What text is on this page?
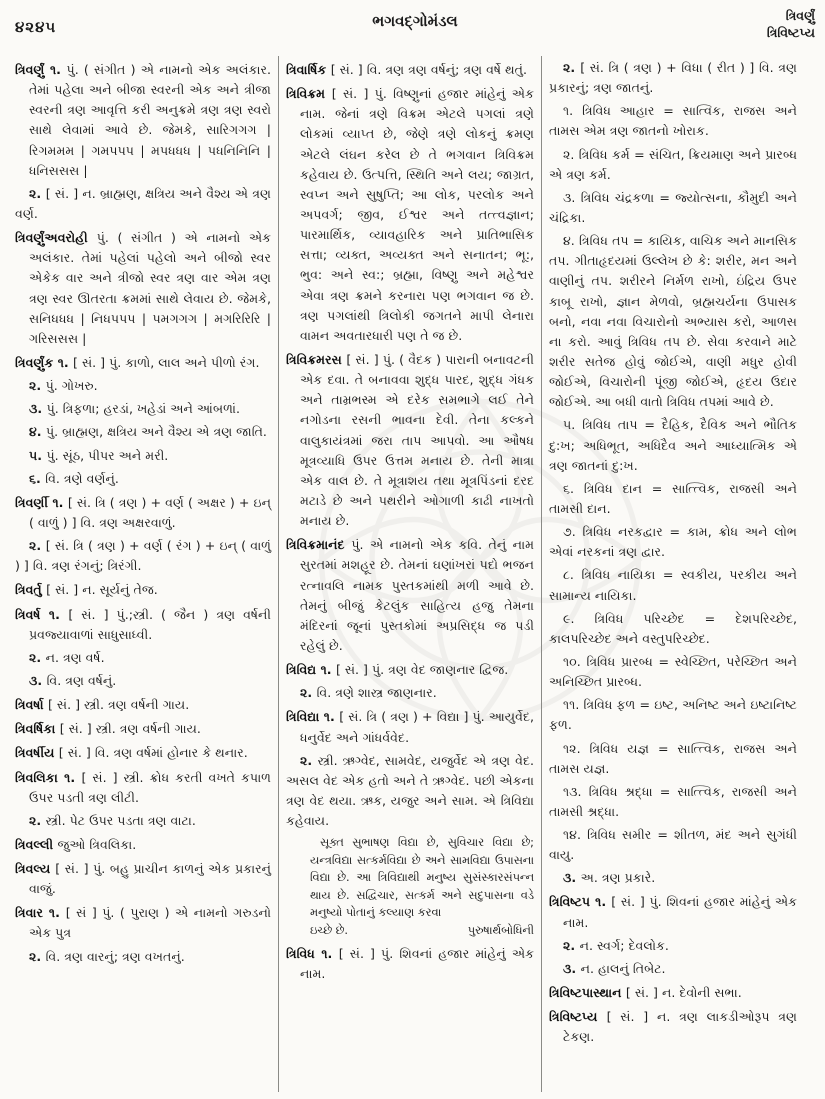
૪૨૪૫	ભગવદ્ગોમંડલ	ત્રિવર્ણું
ત્રિવિષ્ટપ્ય

ત્રિવર્ણું ૧. પું. ( સંગીત ) એ નામનો એક અલંકાર. તેમાં પહેલા અને બીજા સ્વરની એક અને ત્રીજા સ્વરની ત્રણ આવૃત્તિ કરી અનુક્રમે ત્રણ ત્રણ સ્વરો સાથે લેવામાં આવે છે. જેમકે, સારિગગગ | રિગમમમ | ગમપપપ | મપધધધ | પધનિનિનિ | ધનિસસસ |

૨. [ સં. ] ન. બ્રાહ્મણ, ક્ષત્રિય અને વૈશ્ય એ ત્રણ વર્ણ.

ત્રિવર્ણુંઅવરોહી પું. ( સંગીત ) એ નામનો એક અલંકાર. તેમાં પહેલાં પહેલો અને બીજો સ્વર એકેક વાર અને ત્રીજો સ્વર ત્રણ વાર એમ ત્રણ ત્રણ સ્વર ઊતરતા ક્રમમાં સાથે લેવાય છે. જેમકે, સનિધધધ | નિધપપપ | પમગગગ | મગરિરિરિ | ગરિસસસ |

ત્રિવર્ણુંક ૧. [ સં. ] પું. કાળો, લાલ અને પીળો રંગ.

૨. પું. ગોખરુ.

૩. પું. ત્રિફળા; હરડાં, ખહેડાં અને આંબળાં.

૪. પું. બ્રાહ્મણ, ક્ષત્રિય અને વૈશ્ય એ ત્રણ જાતિ.

૫. પું. સૂંઠ, પીપર અને મરી.

૬. વિ. ત્રણે વર્ણનું.

ત્રિવર્ણી ૧. [ સં. ત્રિ ( ત્રણ ) + વર્ણ ( અક્ષર ) + ઇન્ ( વાળું ) ] વિ. ત્રણ અક્ષરવાળું.

૨. [ સં. ત્રિ ( ત્રણ ) + વર્ણ ( રંગ ) + ઇન્ ( વાળું ) ] વિ. ત્રણ રંગનું; ત્રિરંગી.

ત્રિવર્તુ [ સં. ] ન. સૂર્યનું તેજ.

ત્રિવર્ષ ૧. [ સં. ] પું.;સ્ત્રી. ( જૈન ) ત્રણ વર્ષની પ્રવજ્યાવાળાં સાધુસાધ્વી.

૨. ન. ત્રણ વર્ષ.

૩. વિ. ત્રણ વર્ષનું.

ત્રિવર્ષા [ સં. ] સ્ત્રી. ત્રણ વર્ષની ગાય.

ત્રિવર્ષિકા [ સં. ] સ્ત્રી. ત્રણ વર્ષની ગાય.

ત્રિવર્ષીય [ સં. ] વિ. ત્રણ વર્ષમાં હોનાર કે થનાર.

ત્રિવલિકા ૧. [ સં. ] સ્ત્રી. ક્રોધ કરતી વખતે કપાળ ઉપર પડતી ત્રણ લીટી.

૨. સ્ત્રી. પેટ ઉપર પડતા ત્રણ વાટા.

ત્રિવલ્લી જુઓ ત્રિવલિકા.

ત્રિવલ્ય [ સં. ] પું. બહુ પ્રાચીન કાળનું એક પ્રકારનું વાજું.

ત્રિવાર ૧. [ સં ] પું. ( પુરાણ ) એ નામનો ગરુડનો એક પુત્ર

૨. વિ. ત્રણ વારનું; ત્રણ વખતનું.

ત્રિવાર્ષિક [ સં. ] વિ. ત્રણ ત્રણ વર્ષનું; ત્રણ વર્ષે થતું.

ત્રિવિક્રમ [ સં. ] પું. વિષ્ણુનાં હજાર માંહેનું એક નામ. જેનાં ત્રણે વિક્રમ એટલે પગલાં ત્રણે લોકમાં વ્યાપ્ત છે, જેણે ત્રણે લોકનું ક્રમણ એટલે લંઘન કરેલ છે તે ભગવાન ત્રિવિક્રમ કહેવાય છે. ઉત્પત્તિ, સ્થિતિ અને લય; જાગ્રત, સ્વપ્ન અને સુષુપ્તિ; આ લોક, પરલોક અને અપવર્ગ; જીવ, ઈશ્વર અને તત્ત્વજ્ઞાન; પારમાર્થિક, વ્યાવહારિક અને પ્રાતિભાસિક સત્તા; વ્યક્ત, અવ્યક્ત અને સનાતન; ભૂ:, ભુવ: અને સ્વ:; બ્રહ્મા, વિષ્ણુ અને મહેશ્વર એવા ત્રણ ક્રમને કરનારા પણ ભગવાન જ છે. ત્રણ પગલાંથી ત્રિલોકી જગતને માપી લેનારા વામન અવતારધારી પણ તે જ છે.

ત્રિવિક્રમરસ [ સં. ] પું. ( વૈદક ) પારાની બનાવટની એક દવા. તે બનાવવા શુદ્ધ પારદ, શુદ્ધ ગંધક અને તામ્રભસ્મ એ દરેક સમભાગે લઈ તેને નગોડના રસની ભાવના દેવી. તેના કલ્કને વાલુકાયંત્રમાં જરા તાપ આપવો. આ ઔષધ મૂત્રવ્યાધિ ઉપર ઉત્તમ મનાય છે. તેની માત્રા એક વાલ છે. તે મૂત્રાશય તથા મૂત્રપિંડનાં દરદ મટાડે છે અને પથરીને ઓગાળી કાઢી નાખતો મનાય છે.

ત્રિવિક્રમાનંદ પું. એ નામનો એક કવિ. તેનું નામ સુરતમાં મશહૂર છે. તેમનાં ઘણાંખરાં પદો ભજન રત્નાવલિ નામક પુસ્તકમાંથી મળી આવે છે. તેમનું બીજું કેટલુંક સાહિત્ય હજુ તેમના મંદિરનાં જૂનાં પુસ્તકોમાં અપ્રસિદ્ધ જ પડી રહેલું છે.

ત્રિવિદ્ય ૧. [ સં. ] પું. ત્રણ વેદ જાણનાર દ્વિજ.

૨. વિ. ત્રણે શાસ્ત્ર જાણનાર.

ત્રિવિદ્યા ૧. [ સં. ત્રિ ( ત્રણ ) + વિદ્યા ] પું. આયુર્વેદ, ધનુર્વેદ અને ગાંધર્વવેદ.

૨. સ્ત્રી. ઋગ્વેદ, સામવેદ, યજુર્વેદ એ ત્રણ વેદ. અસલ વેદ એક હતો અને તે ઋગ્વેદ. પછી એકના ત્રણ વેદ થયા. ઋક, યજુર અને સામ. એ ત્રિવિદ્યા કહેવાય.

સૂક્ત સુભાષણ વિદ્યા છે, સુવિચાર વિદ્યા છે; યન્ત્રવિદ્યા સત્કર્મવિદ્યા છે અને સામવિદ્યા ઉપાસના વિદ્યા છે. આ ત્રિવિદ્યાથી મનુષ્ય સુસંસ્કારસંપન્ન થાય છે. સદ્વિચાર, સત્કર્મ અને સદુપાસના વડે મનુષ્યો પોતાનું કલ્યાણ કરવા

ઇચ્છે છે.	પુરુષાર્થબોધિની

ત્રિવિધ ૧. [ સં. ] પું. શિવનાં હજાર માંહેનું એક નામ.

૨. [ સં. ત્રિ ( ત્રણ ) + વિધા ( રીત ) ] વિ. ત્રણ પ્રકારનું; ત્રણ જાતનું.

૧. ત્રિવિધ આહાર = સાત્વિક, રાજસ અને તામસ એમ ત્રણ જાતનો ખોરાક.

૨. ત્રિવિધ કર્મ = સંચિત, ક્રિયમાણ અને પ્રારબ્ધ એ ત્રણ કર્મ.

૩. ત્રિવિધ ચંદ્રકળા = જ્યોત્સના, કૌમુદી અને ચંદ્રિકા.

૪. ત્રિવિધ તપ = કાયિક, વાચિક અને માનસિક તપ. ગીતાહૃદયમાં ઉલ્લેખ છે કે: શરીર, મન અને વાણીનું તપ. શરીરને નિર્મળ રાખો, ઇંદ્રિય ઉપર કાબૂ રાખો, જ્ઞાન મેળવો, બ્રહ્મચર્યના ઉપાસક બનો, નવા નવા વિચારોનો અભ્યાસ કરો, આળસ ના કરો. આવું ત્રિવિધ તપ છે. સેવા કરવાને માટે શરીર સતેજ હોવું જોઈએ, વાણી મધુર હોવી જોઈએ, વિચારોની પૂંજી જોઈએ, હૃદય ઉદાર જોઈએ. આ બધી વાતો ત્રિવિધ તપમાં આવે છે.

૫. ત્રિવિધ તાપ = દૈહિક, દૈવિક અને ભૌતિક દુ:ખ; અધિભૂત, અધિદૈવ અને આધ્યાત્મિક એ ત્રણ જાતનાં દુ:ખ.

૬. ત્રિવિધ દાન = સાત્ત્વિક, રાજસી અને તામસી દાન.

૭. ત્રિવિધ નરકદ્વાર = કામ, ક્રોધ અને લોભ એવાં નરકનાં ત્રણ દ્વાર.

૮. ત્રિવિધ નાયિકા = સ્વકીય, પરકીય અને સામાન્ય નાયિકા.

૯. ત્રિવિધ પરિચ્છેદ = દેશપરિચ્છેદ, કાલપરિચ્છેદ અને વસ્તુપરિચ્છેદ.

૧૦. ત્રિવિધ પ્રારબ્ધ = સ્વેચ્છિત, પરેચ્છિત અને અનિચ્છિત પ્રારબ્ધ.

૧૧. ત્રિવિધ ફળ = ઇષ્ટ, અનિષ્ટ અને ઇષ્ટાનિષ્ટ ફળ.

૧૨. ત્રિવિધ યજ્ઞ = સાત્ત્વિક, રાજસ અને તામસ યજ્ઞ.

૧૩. ત્રિવિધ શ્રદ્ધા = સાત્ત્વિક, રાજસી અને તામસી શ્રદ્ધા.

૧૪. ત્રિવિધ સમીર = શીતળ, મંદ અને સુગંધી વાયુ.

૩. અ. ત્રણ પ્રકારે.

ત્રિવિષ્ટપ ૧. [ સં. ] પું. શિવનાં હજાર માંહેનું એક નામ.

૨. ન. સ્વર્ગ; દેવલોક.

૩. ન. હાલનું તિબેટ.

ત્રિવિષ્ટપાસ્થાન [ સં. ] ન. દેવોની સભા.

ત્રિવિષ્ટપ્ય [ સં. ] ન. ત્રણ લાકડીઓરૂપ ત્રણ ટેકણ.
